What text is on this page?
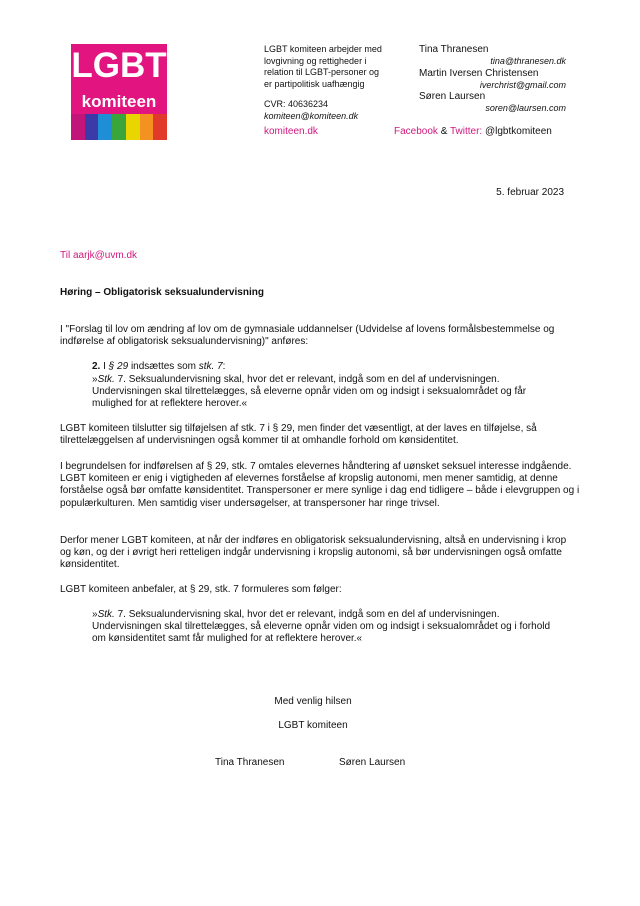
LGBT
komiteen
LGBT komiteen arbejder med
lovgivning og rettigheder i
relation til LGBT-personer og
er partipolitisk uafhængig
CVR: 40636234
komiteen@komiteen.dk
komiteen.dk
Tina Thranesen
tina@thranesen.dk
Martin Iversen Christensen
iverchrist@gmail.com
Søren Laursen
soren@laursen.com
Facebook & Twitter: @lgbtkomiteen
5. februar 2023
Til aarjk@uvm.dk
Høring – Obligatorisk seksualundervisning
I "Forslag til lov om ændring af lov om de gymnasiale uddannelser (Udvidelse af lovens formålsbestemmelse og indførelse af obligatorisk seksualundervisning)" anføres:
2. I § 29 indsættes som stk. 7:
»Stk. 7. Seksualundervisning skal, hvor det er relevant, indgå som en del af undervisningen. Undervisningen skal tilrettelægges, så eleverne opnår viden om og indsigt i seksualområdet og får mulighed for at reflektere herover.«
LGBT komiteen tilslutter sig tilføjelsen af stk. 7 i § 29, men finder det væsentligt, at der laves en tilføjelse, så tilrettelæggelsen af undervisningen også kommer til at omhandle forhold om kønsidentitet.
I begrundelsen for indførelsen af § 29, stk. 7 omtales elevernes håndtering af uønsket seksuel interesse indgående. LGBT komiteen er enig i vigtigheden af elevernes forståelse af kropslig autonomi, men mener samtidig, at denne forståelse også bør omfatte kønsidentitet. Transpersoner er mere synlige i dag end tidligere – både i elevgruppen og i populærkulturen. Men samtidig viser undersøgelser, at transpersoner har ringe trivsel.
Derfor mener LGBT komiteen, at når der indføres en obligatorisk seksualundervisning, altså en undervisning i krop og køn, og der i øvrigt heri retteligen indgår undervisning i kropslig autonomi, så bør undervisningen også omfatte kønsidentitet.
LGBT komiteen anbefaler, at § 29, stk. 7 formuleres som følger:
»Stk. 7. Seksualundervisning skal, hvor det er relevant, indgå som en del af undervisningen. Undervisningen skal tilrettelægges, så eleverne opnår viden om og indsigt i seksualområdet og i forhold om kønsidentitet samt får mulighed for at reflektere herover.«
Med venlig hilsen
LGBT komiteen
Tina Thranesen	Søren Laursen
